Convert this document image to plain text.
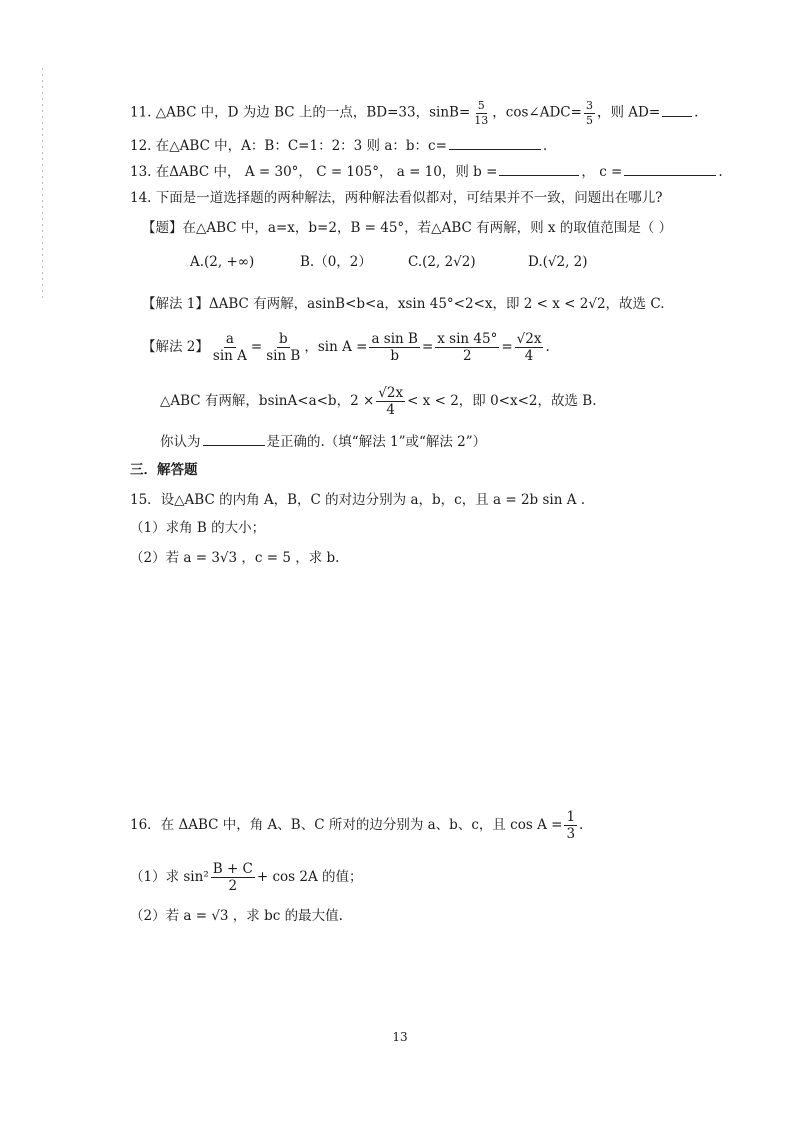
11. △ABC 中，D 为边 BC 上的一点，BD=33，$\sin B= \frac{5}{13}$ ，cos∠ADC= $\frac{3}{5}$ ，则 AD=	.
12. 在△ABC 中，A：B：C=1：2：3 则 a：b：c=	.
13. 在ΔABC 中， A = 30°， C = 105°， a = 10，则 b =	， c =	.
14. 下面是一道选择题的两种解法，两种解法看似都对，可结果并不一致，问题出在哪儿?
【题】在△ABC 中，a=x，b=2，B = 45°，若△ABC 有两解，则 x 的取值范围是（ ）
A.(2, +∞)	B.（0，2）	C.(2, 2√2)	D.(√2, 2)
【解法 1】ΔABC 有两解，asinB<b<a，xsin 45°<2<x，即 2 < x < 2√2，故选 C.
【解法 2】 $\frac{a}{\text{sin A}} = \frac{b}{\text{sin B}}$ ，$\sin A = \frac{\text{a sin B}}{b} = \frac{\text{x sin 45°}}{2} = \frac{√2x}{4}$ .
△ABC 有两解，bsinA<a<b，$2 \times \frac{√2x}{4} < x < 2$，即 0<x<2，故选 B.
你认为	是正确的.（填“解法 1”或“解法 2”）
三．解答题
15．设△ABC 的内角 A，B，C 的对边分别为 a，b，c，且 a = 2b sin A .
（1）求角 B 的大小；
（2）若 a = 3√3 ，c = 5 ，求 b.
16．在 ΔABC 中，角 A、B、C 所对的边分别为 a、b、c，且 $\cos A = \frac{1}{3}$ .
（1）求 $\sin^2 \frac{B + C}{2} + \cos 2A$ 的值；
（2）若 a = √3 ，求 bc 的最大值.
13
